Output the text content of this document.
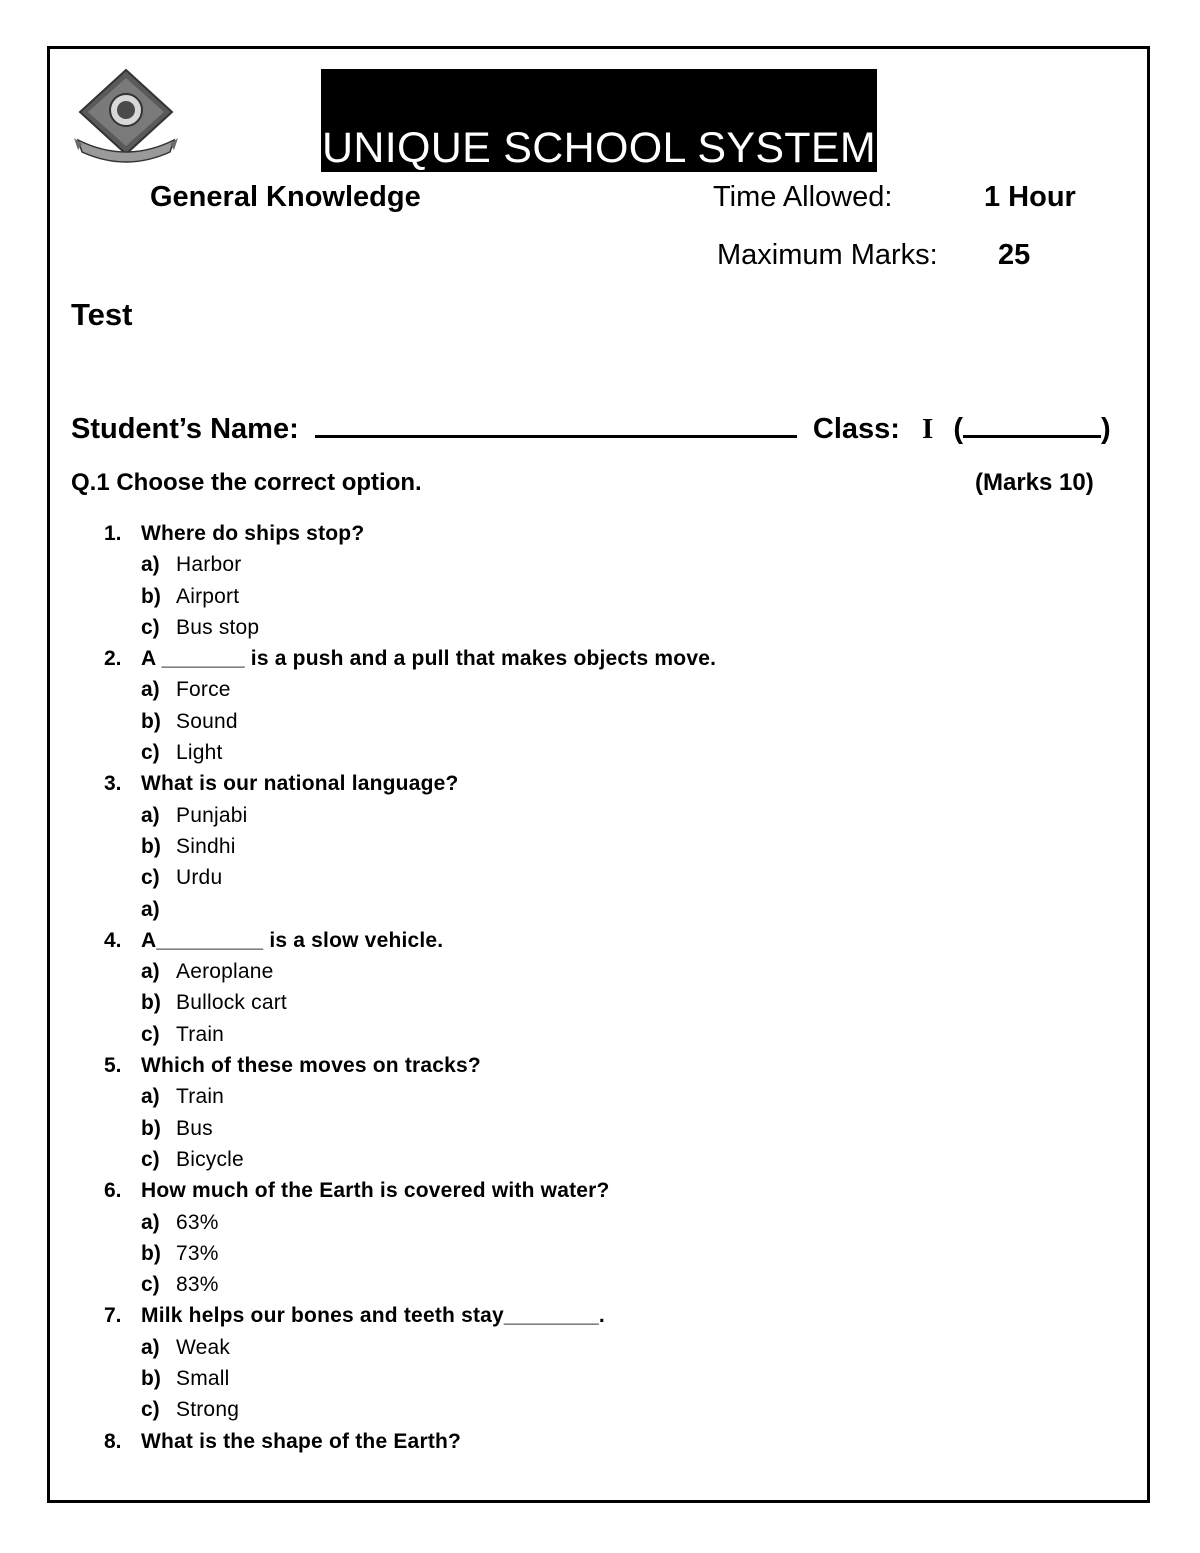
UNIQUE SCHOOL SYSTEM
General Knowledge	Time Allowed:	1 Hour
Maximum Marks: 25
Test
Student’s Name:	Class: I (	)
Q.1 Choose the correct option.	(Marks 10)
1. Where do ships stop?
a) Harbor
b) Airport
c) Bus stop
2. A _______ is a push and a pull that makes objects move.
a) Force
b) Sound
c) Light
3. What is our national language?
a) Punjabi
b) Sindhi
c) Urdu
a)
4. A_________ is a slow vehicle.
a) Aeroplane
b) Bullock cart
c) Train
5. Which of these moves on tracks?
a) Train
b) Bus
c) Bicycle
6. How much of the Earth is covered with water?
a) 63%
b) 73%
c) 83%
7. Milk helps our bones and teeth stay________.
a) Weak
b) Small
c) Strong
8. What is the shape of the Earth?
